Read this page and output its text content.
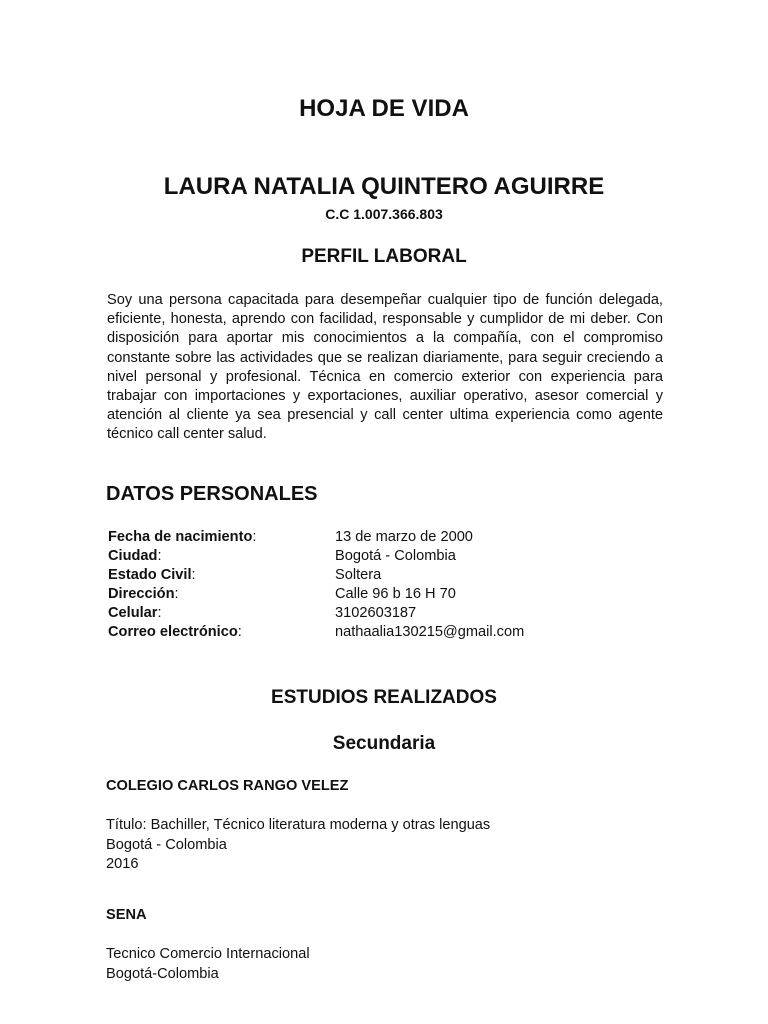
HOJA DE VIDA
LAURA NATALIA QUINTERO AGUIRRE
C.C 1.007.366.803
PERFIL LABORAL

Soy una persona capacitada para desempeñar cualquier tipo de función delegada, eficiente, honesta, aprendo con facilidad, responsable y cumplidor de mi deber. Con disposición para aportar mis conocimientos a la compañía, con el compromiso constante sobre las actividades que se realizan diariamente, para seguir creciendo a nivel personal y profesional. Técnica en comercio exterior con experiencia para trabajar con importaciones y exportaciones, auxiliar operativo, asesor comercial y atención al cliente ya sea presencial y call center ultima experiencia como agente técnico call center salud.

DATOS PERSONALES
Fecha de nacimiento:	13 de marzo de 2000
Ciudad:	Bogotá - Colombia
Estado Civil:	Soltera
Dirección:	Calle 96 b 16 H 70
Celular:	3102603187
Correo electrónico:	nathaalia130215@gmail.com
ESTUDIOS REALIZADOS
Secundaria
COLEGIO CARLOS RANGO VELEZ
Título: Bachiller, Técnico literatura moderna y otras lenguas
Bogotá - Colombia
2016
SENA
Tecnico Comercio Internacional
Bogotá-Colombia
